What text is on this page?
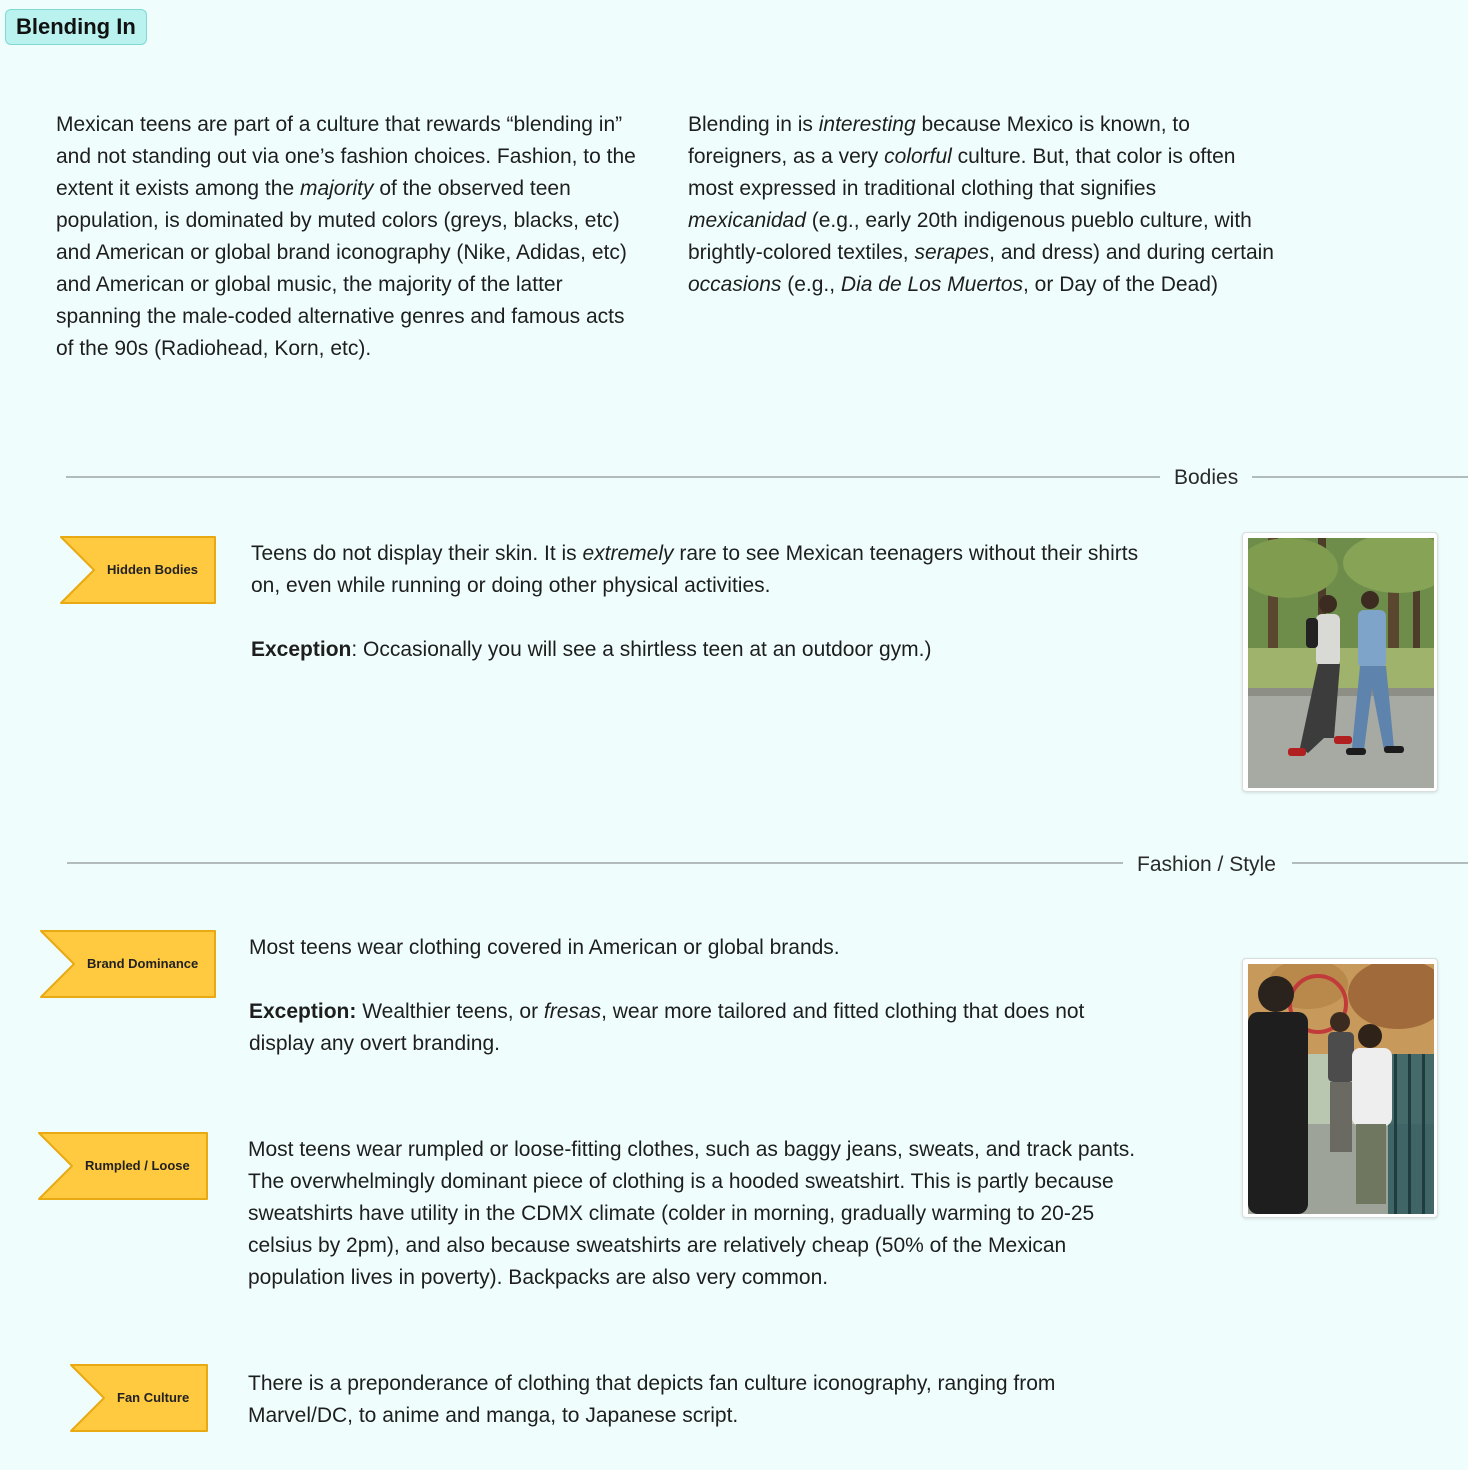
Blending In

Mexican teens are part of a culture that rewards “blending in” and not standing out via one’s fashion choices. Fashion, to the extent it exists among the majority of the observed teen population, is dominated by muted colors (greys, blacks, etc) and American or global brand iconography (Nike, Adidas, etc) and American or global music, the majority of the latter spanning the male-coded alternative genres and famous acts of the 90s (Radiohead, Korn, etc).

Blending in is interesting because Mexico is known, to foreigners, as a very colorful culture. But, that color is often most expressed in traditional clothing that signifies mexicanidad (e.g., early 20th indigenous pueblo culture, with brightly-colored textiles, serapes, and dress) and during certain occasions (e.g., Dia de Los Muertos, or Day of the Dead)

Bodies
Hidden Bodies

Teens do not display their skin. It is extremely rare to see Mexican teenagers without their shirts on, even while running or doing other physical activities.

Exception: Occasionally you will see a shirtless teen at an outdoor gym.)

Fashion / Style
Brand Dominance

Most teens wear clothing covered in American or global brands.

Exception: Wealthier teens, or fresas, wear more tailored and fitted clothing that does not display any overt branding.

Rumpled / Loose

Most teens wear rumpled or loose-fitting clothes, such as baggy jeans, sweats, and track pants. The overwhelmingly dominant piece of clothing is a hooded sweatshirt. This is partly because sweatshirts have utility in the CDMX climate (colder in morning, gradually warming to 20-25 celsius by 2pm), and also because sweatshirts are relatively cheap (50% of the Mexican population lives in poverty). Backpacks are also very common.

Fan Culture

There is a preponderance of clothing that depicts fan culture iconography, ranging from Marvel/DC, to anime and manga, to Japanese script.
